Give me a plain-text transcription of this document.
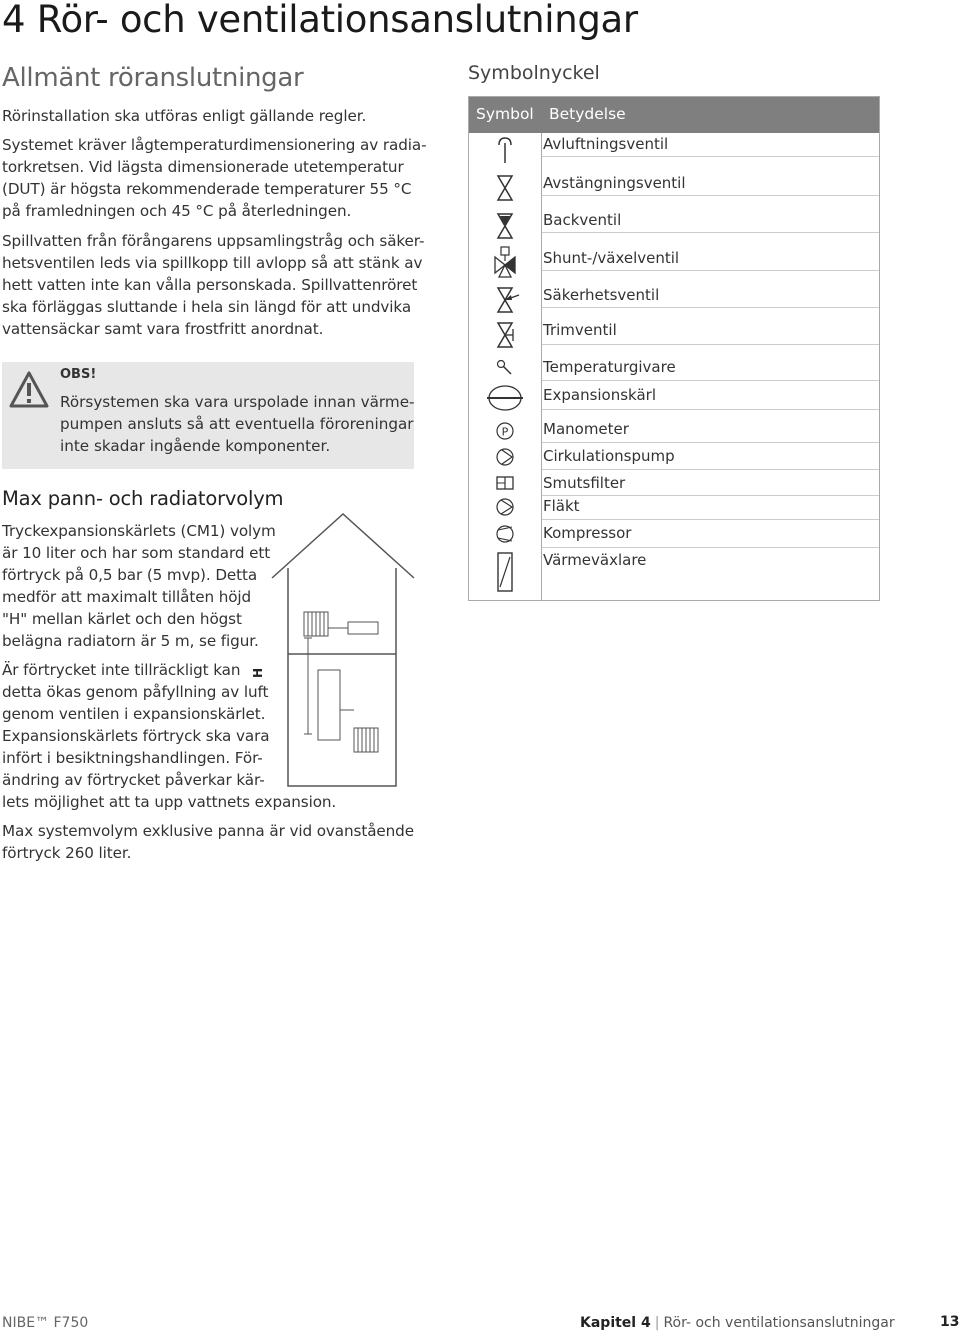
4 Rör- och ventilationsanslutningar
Allmänt röranslutningar
Rörinstallation ska utföras enligt gällande regler.
Systemet kräver lågtemperaturdimensionering av radia-
torkretsen. Vid lägsta dimensionerade utetemperatur
(DUT) är högsta rekommenderade temperaturer 55 °C
på framledningen och 45 °C på återledningen.
Spillvatten från förångarens uppsamlingstråg och säker-
hetsventilen leds via spillkopp till avlopp så att stänk av
hett vatten inte kan vålla personskada. Spillvattenröret
ska förläggas sluttande i hela sin längd för att undvika
vattensäckar samt vara frostfritt anordnat.
OBS!
Rörsystemen ska vara urspolade innan värme-
pumpen ansluts så att eventuella föroreningar
inte skadar ingående komponenter.
Max pann- och radiatorvolym
Tryckexpansionskärlets (CM1) volym
är 10 liter och har som standard ett
förtryck på 0,5 bar (5 mvp). Detta
medför att maximalt tillåten höjd
"H" mellan kärlet och den högst
belägna radiatorn är 5 m, se figur.
Är förtrycket inte tillräckligt kan
detta ökas genom påfyllning av luft
genom ventilen i expansionskärlet.
Expansionskärlets förtryck ska vara
infört i besiktningshandlingen. För-
ändring av förtrycket påverkar kär-
lets möjlighet att ta upp vattnets expansion.
Max systemvolym exklusive panna är vid ovanstående
förtryck 260 liter.
H
Symbolnyckel
Symbol Betydelse
Avluftningsventil
Avstängningsventil
Backventil
Shunt-/växelventil
Säkerhetsventil
Trimventil
Temperaturgivare
Expansionskärl
Manometer
Cirkulationspump
Smutsfilter
Fläkt
Kompressor
Värmeväxlare
P
NIBE™ F750	Kapitel 4 | Rör- och ventilationsanslutningar	13
